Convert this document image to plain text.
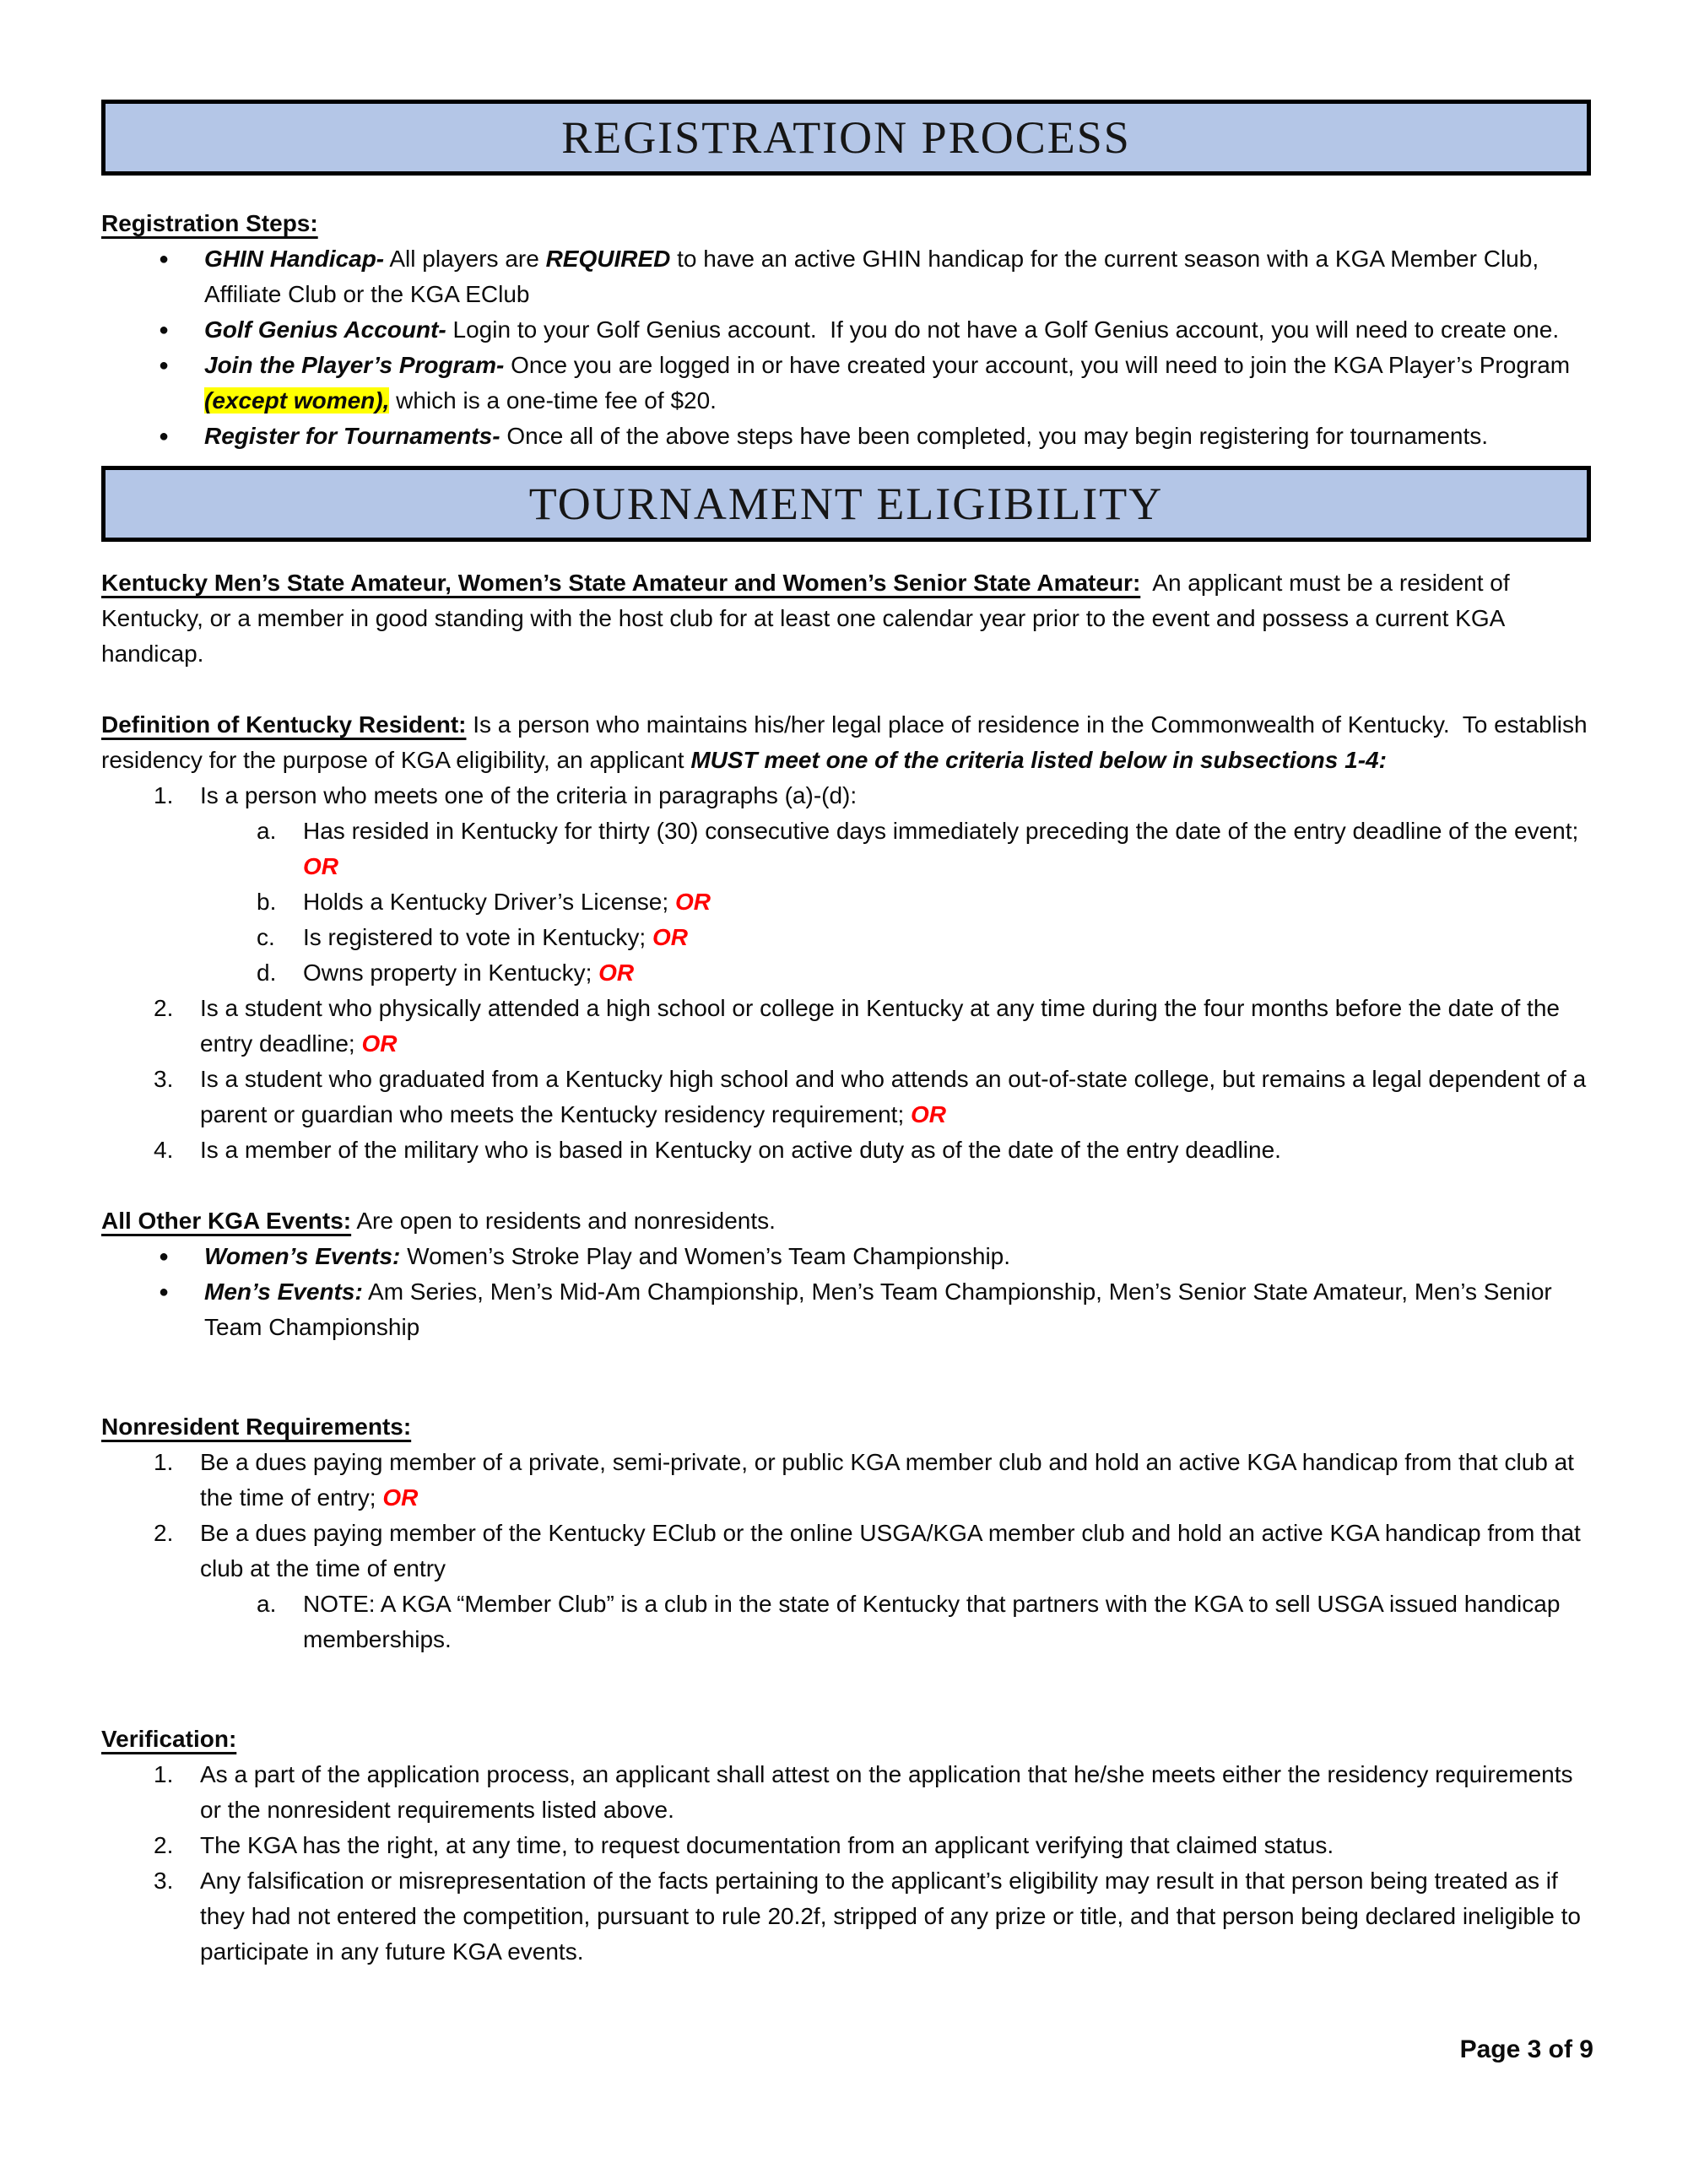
REGISTRATION PROCESS
Registration Steps:
●	GHIN Handicap- All players are REQUIRED to have an active GHIN handicap for the current season with a KGA Member Club, Affiliate Club or the KGA EClub
●	Golf Genius Account- Login to your Golf Genius account.  If you do not have a Golf Genius account, you will need to create one.
●	Join the Player’s Program- Once you are logged in or have created your account, you will need to join the KGA Player’s Program (except women), which is a one-time fee of $20.
●	Register for Tournaments- Once all of the above steps have been completed, you may begin registering for tournaments.
TOURNAMENT ELIGIBILITY
Kentucky Men’s State Amateur, Women’s State Amateur and Women’s Senior State Amateur:  An applicant must be a resident of Kentucky, or a member in good standing with the host club for at least one calendar year prior to the event and possess a current KGA handicap.
Definition of Kentucky Resident: Is a person who maintains his/her legal place of residence in the Commonwealth of Kentucky.  To establish residency for the purpose of KGA eligibility, an applicant MUST meet one of the criteria listed below in subsections 1-4:
1.	Is a person who meets one of the criteria in paragraphs (a)-(d):
a.	Has resided in Kentucky for thirty (30) consecutive days immediately preceding the date of the entry deadline of the event; OR
b.	Holds a Kentucky Driver’s License; OR
c.	Is registered to vote in Kentucky; OR
d.	Owns property in Kentucky; OR
2.	Is a student who physically attended a high school or college in Kentucky at any time during the four months before the date of the entry deadline; OR
3.	Is a student who graduated from a Kentucky high school and who attends an out-of-state college, but remains a legal dependent of a parent or guardian who meets the Kentucky residency requirement; OR
4.	Is a member of the military who is based in Kentucky on active duty as of the date of the entry deadline.
All Other KGA Events: Are open to residents and nonresidents.
●	Women’s Events: Women’s Stroke Play and Women’s Team Championship.
●	Men’s Events: Am Series, Men’s Mid-Am Championship, Men’s Team Championship, Men’s Senior State Amateur, Men’s Senior Team Championship
Nonresident Requirements:
1.	Be a dues paying member of a private, semi-private, or public KGA member club and hold an active KGA handicap from that club at the time of entry; OR
2.	Be a dues paying member of the Kentucky EClub or the online USGA/KGA member club and hold an active KGA handicap from that club at the time of entry
a.	NOTE: A KGA “Member Club” is a club in the state of Kentucky that partners with the KGA to sell USGA issued handicap memberships.
Verification:
1.	As a part of the application process, an applicant shall attest on the application that he/she meets either the residency requirements or the nonresident requirements listed above.
2.	The KGA has the right, at any time, to request documentation from an applicant verifying that claimed status.
3.	Any falsification or misrepresentation of the facts pertaining to the applicant’s eligibility may result in that person being treated as if they had not entered the competition, pursuant to rule 20.2f, stripped of any prize or title, and that person being declared ineligible to participate in any future KGA events.
Page 3 of 9
